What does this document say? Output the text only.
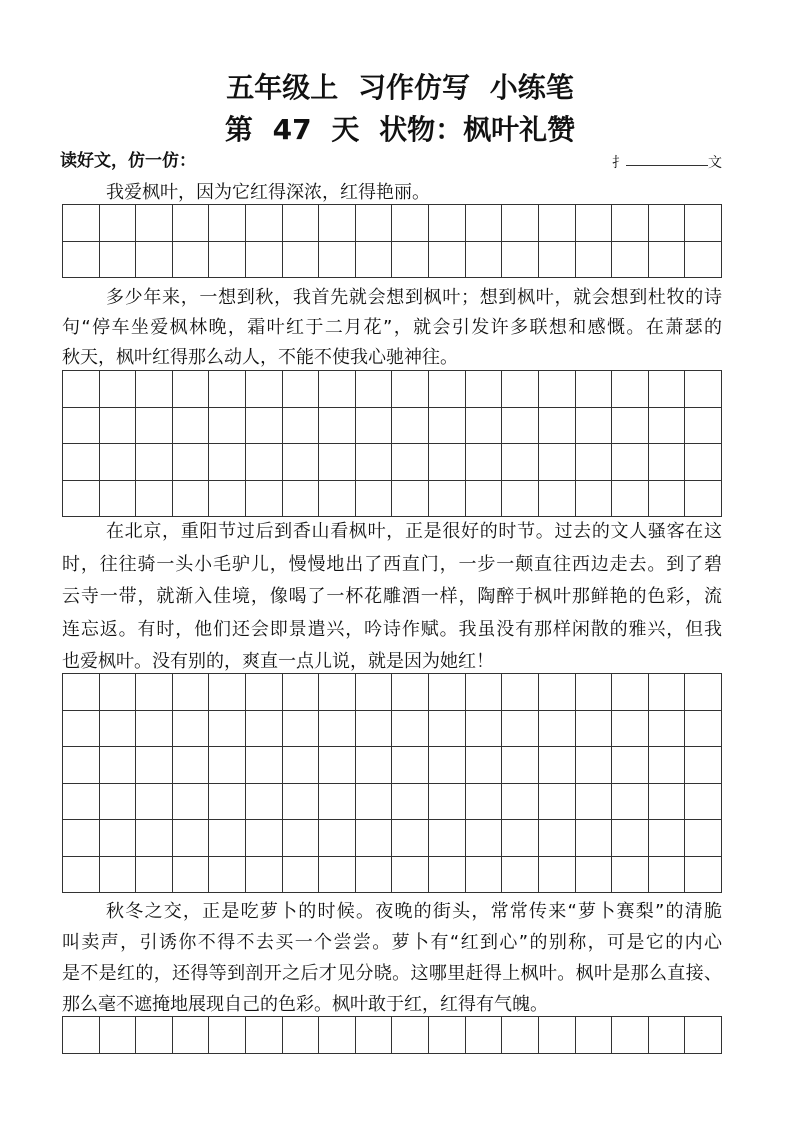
五年级上 习作仿写 小练笔
第 47 天 状物：枫叶礼赞
读好文，仿一仿：	扌	文
我爱枫叶，因为它红得深浓，红得艳丽。
多少年来，一想到秋，我首先就会想到枫叶；想到枫叶，就会想到杜牧的诗
句“停车坐爱枫林晚，霜叶红于二月花”，就会引发许多联想和感慨。在萧瑟的
秋天，枫叶红得那么动人，不能不使我心驰神往。
在北京，重阳节过后到香山看枫叶，正是很好的时节。过去的文人骚客在这
时，往往骑一头小毛驴儿，慢慢地出了西直门，一步一颠直往西边走去。到了碧
云寺一带，就渐入佳境，像喝了一杯花雕酒一样，陶醉于枫叶那鲜艳的色彩，流
连忘返。有时，他们还会即景遣兴，吟诗作赋。我虽没有那样闲散的雅兴，但我
也爱枫叶。没有别的，爽直一点儿说，就是因为她红！
秋冬之交，正是吃萝卜的时候。夜晚的街头，常常传来“萝卜赛梨”的清脆
叫卖声，引诱你不得不去买一个尝尝。萝卜有“红到心”的别称，可是它的内心
是不是红的，还得等到剖开之后才见分晓。这哪里赶得上枫叶。枫叶是那么直接、
那么毫不遮掩地展现自己的色彩。枫叶敢于红，红得有气魄。
